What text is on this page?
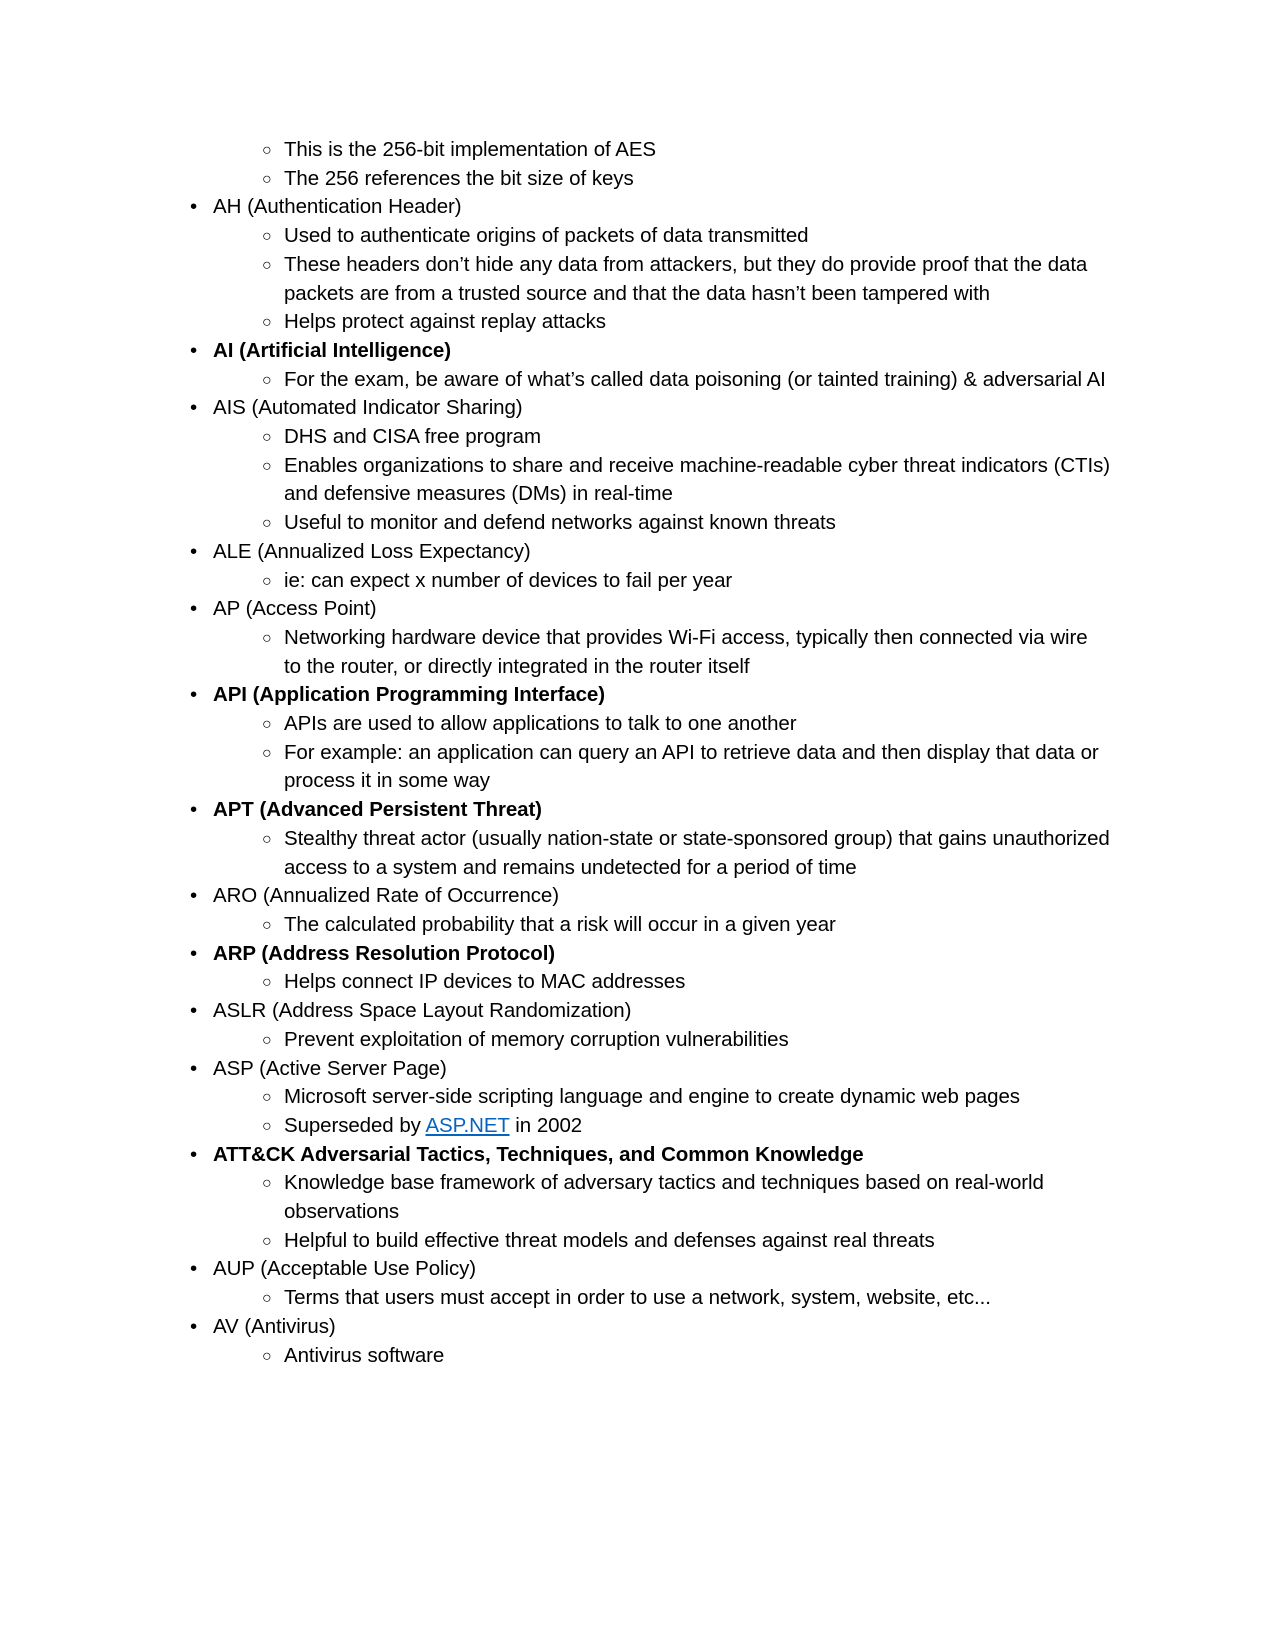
○ This is the 256-bit implementation of AES
○ The 256 references the bit size of keys
• AH (Authentication Header)
○ Used to authenticate origins of packets of data transmitted
○ These headers don’t hide any data from attackers, but they do provide proof that the data packets are from a trusted source and that the data hasn’t been tampered with
○ Helps protect against replay attacks
• AI (Artificial Intelligence)
○ For the exam, be aware of what’s called data poisoning (or tainted training) & adversarial AI
• AIS (Automated Indicator Sharing)
○ DHS and CISA free program
○ Enables organizations to share and receive machine-readable cyber threat indicators (CTIs) and defensive measures (DMs) in real-time
○ Useful to monitor and defend networks against known threats
• ALE (Annualized Loss Expectancy)
○ ie: can expect x number of devices to fail per year
• AP (Access Point)
○ Networking hardware device that provides Wi-Fi access, typically then connected via wire to the router, or directly integrated in the router itself
• API (Application Programming Interface)
○ APIs are used to allow applications to talk to one another
○ For example: an application can query an API to retrieve data and then display that data or process it in some way
• APT (Advanced Persistent Threat)
○ Stealthy threat actor (usually nation-state or state-sponsored group) that gains unauthorized access to a system and remains undetected for a period of time
• ARO (Annualized Rate of Occurrence)
○ The calculated probability that a risk will occur in a given year
• ARP (Address Resolution Protocol)
○ Helps connect IP devices to MAC addresses
• ASLR (Address Space Layout Randomization)
○ Prevent exploitation of memory corruption vulnerabilities
• ASP (Active Server Page)
○ Microsoft server-side scripting language and engine to create dynamic web pages
○ Superseded by ASP.NET in 2002
• ATT&CK Adversarial Tactics, Techniques, and Common Knowledge
○ Knowledge base framework of adversary tactics and techniques based on real-world observations
○ Helpful to build effective threat models and defenses against real threats
• AUP (Acceptable Use Policy)
○ Terms that users must accept in order to use a network, system, website, etc...
• AV (Antivirus)
○ Antivirus software
